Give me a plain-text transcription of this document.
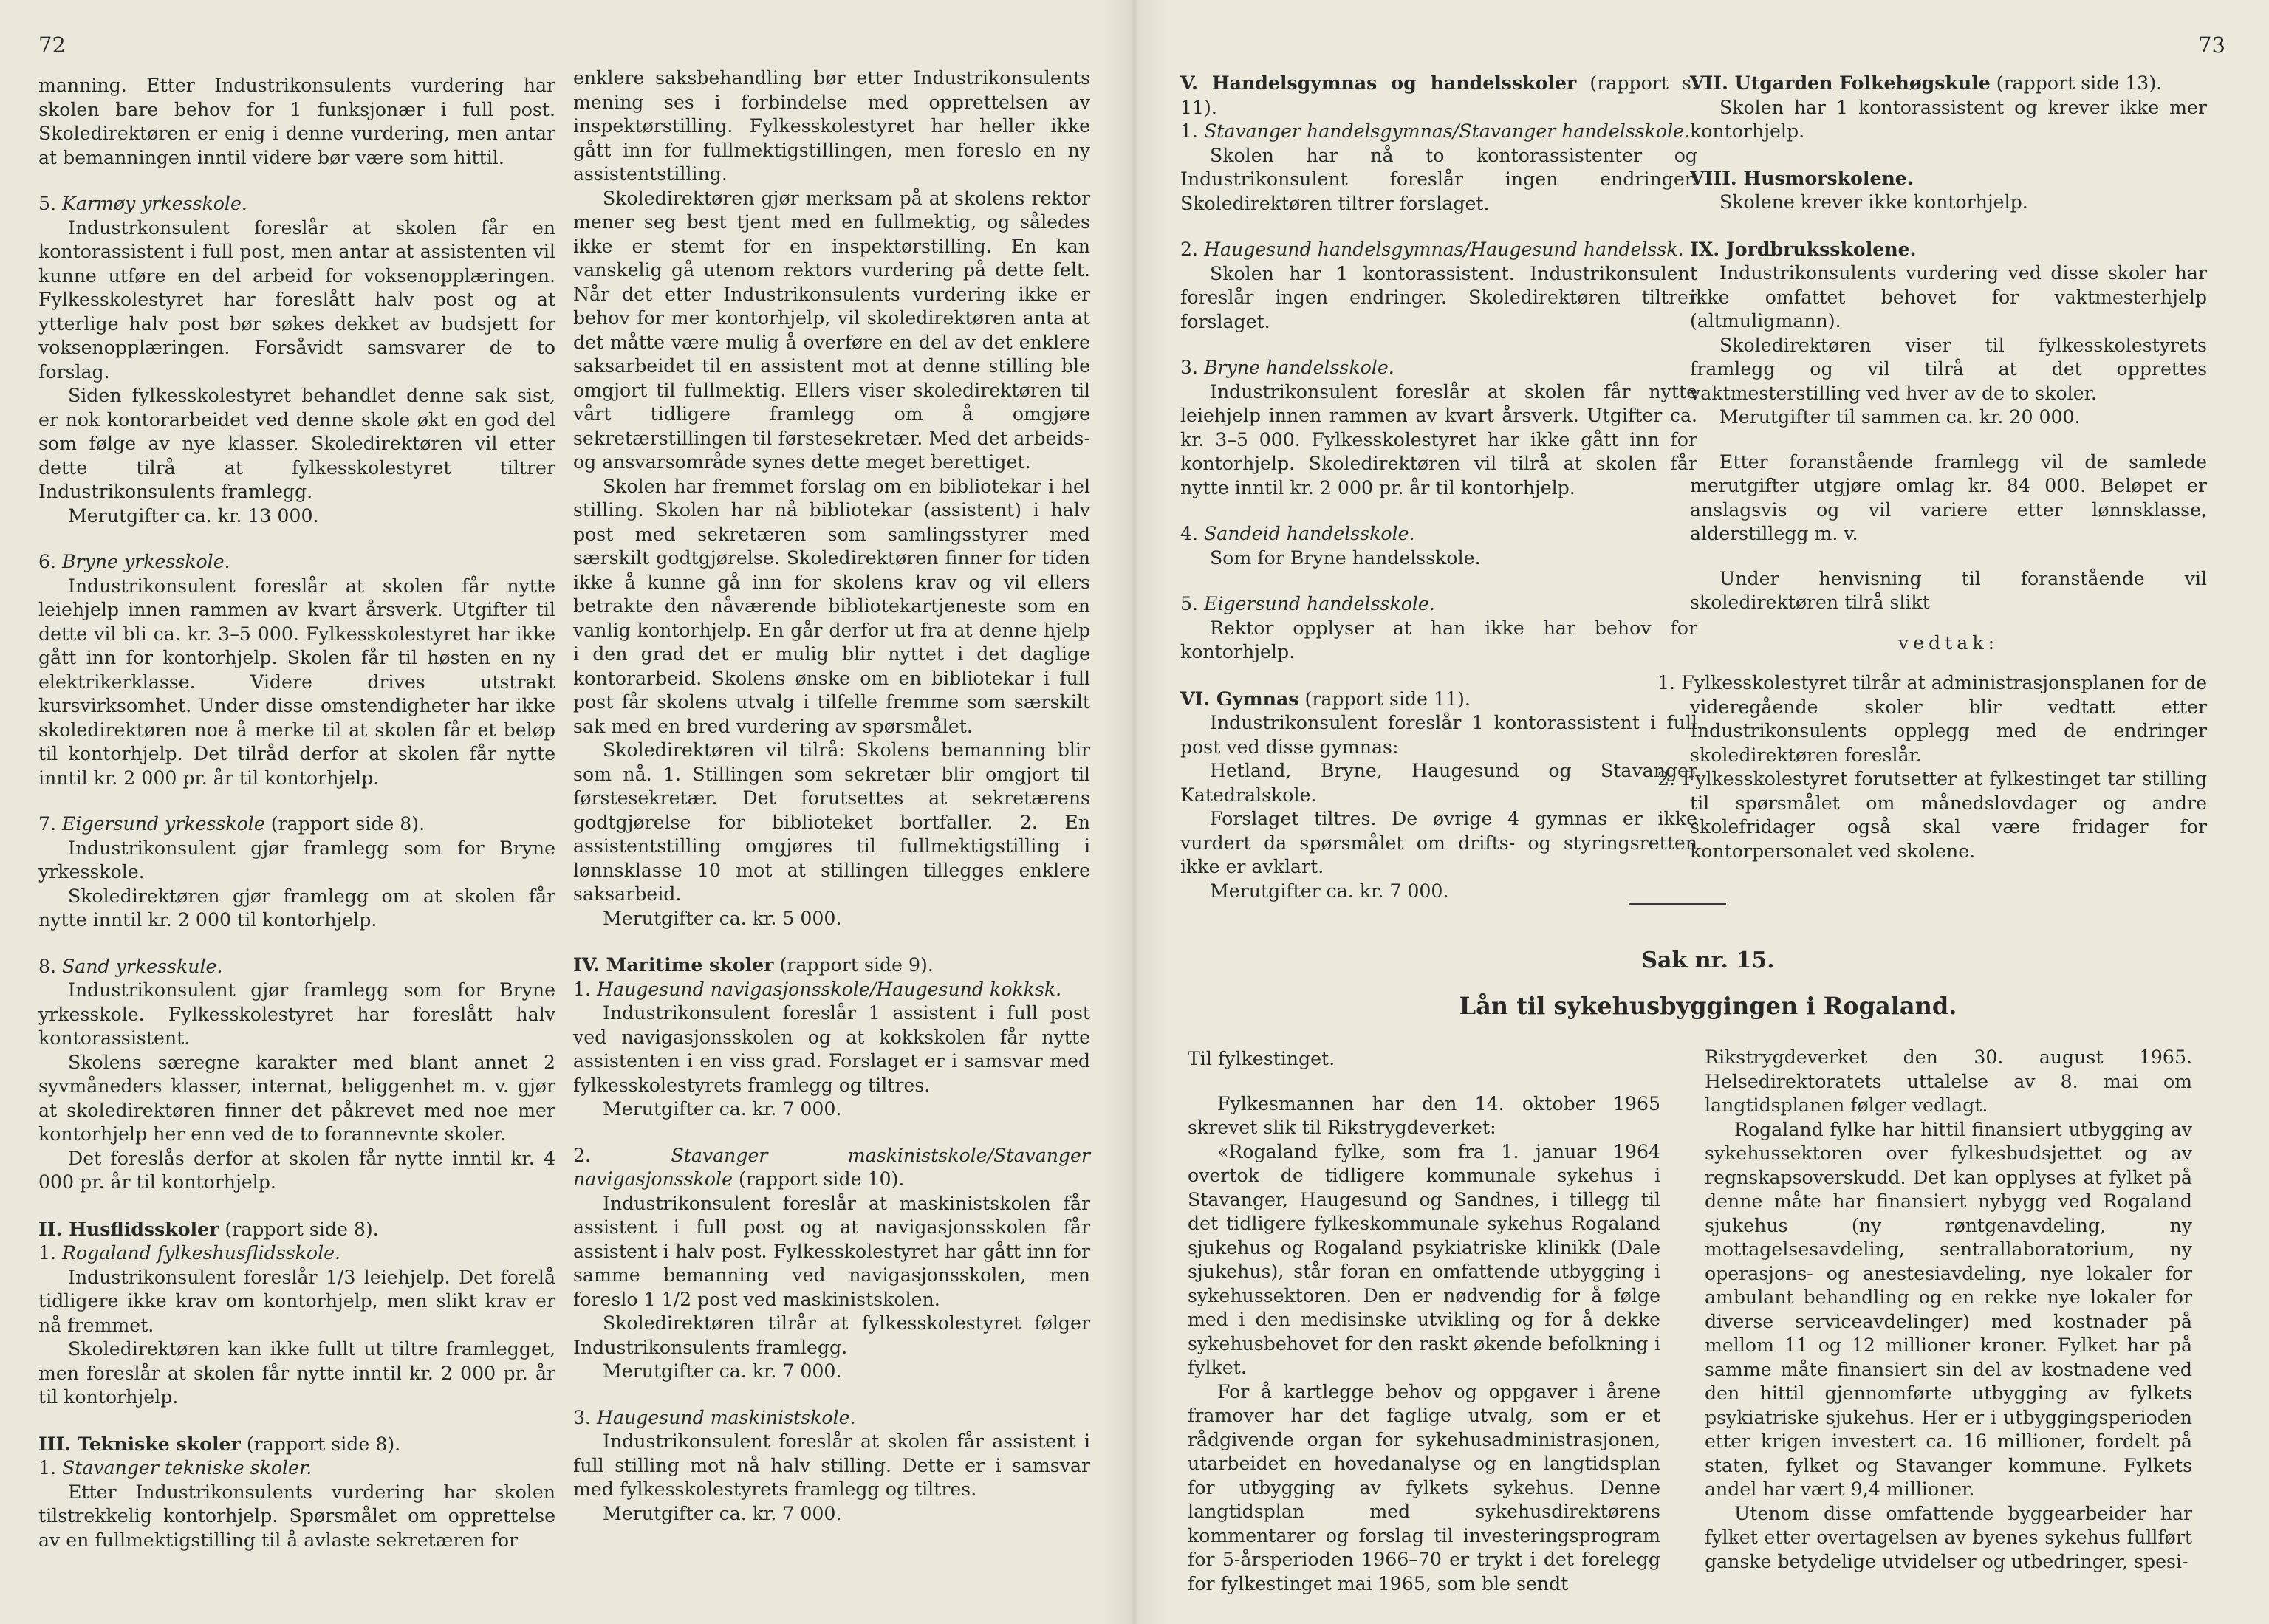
72

manning. Etter Industrikonsulents vurdering har skolen bare behov for 1 funksjonær i full post. Skoledirektøren er enig i denne vurdering, men antar at bemanningen inntil videre bør være som hittil.

5. Karmøy yrkesskole.

Industrkonsulent foreslår at skolen får en kontorassistent i full post, men antar at assistenten vil kunne utføre en del arbeid for voksenopplæringen. Fylkesskolestyret har foreslått halv post og at ytterlige halv post bør søkes dekket av budsjett for voksenopplæringen. Forsåvidt samsvarer de to forslag.

Siden fylkesskolestyret behandlet denne sak sist, er nok kontorarbeidet ved denne skole økt en god del som følge av nye klasser. Skoledirektøren vil etter dette tilrå at fylkesskolestyret tiltrer Industrikonsulents framlegg.

Merutgifter ca. kr. 13 000.

6. Bryne yrkesskole.

Industrikonsulent foreslår at skolen får nytte leiehjelp innen rammen av kvart årsverk. Utgifter til dette vil bli ca. kr. 3–5 000. Fylkesskolestyret har ikke gått inn for kontorhjelp. Skolen får til høsten en ny elektrikerklasse. Videre drives utstrakt kursvirksomhet. Under disse omstendigheter har ikke skoledirektøren noe å merke til at skolen får et beløp til kontorhjelp. Det tilråd derfor at skolen får nytte inntil kr. 2 000 pr. år til kontorhjelp.

7. Eigersund yrkesskole (rapport side 8).

Industrikonsulent gjør framlegg som for Bryne yrkesskole.

Skoledirektøren gjør framlegg om at skolen får nytte inntil kr. 2 000 til kontorhjelp.

8. Sand yrkesskule.

Industrikonsulent gjør framlegg som for Bryne yrkesskole. Fylkesskolestyret har foreslått halv kontorassistent.

Skolens særegne karakter med blant annet 2 syvmåneders klasser, internat, beliggenhet m. v. gjør at skoledirektøren finner det påkrevet med noe mer kontorhjelp her enn ved de to forannevnte skoler.

Det foreslås derfor at skolen får nytte inntil kr. 4 000 pr. år til kontorhjelp.

II. Husflidsskoler (rapport side 8).

1. Rogaland fylkeshusflidsskole.

Industrikonsulent foreslår 1/3 leiehjelp. Det forelå tidligere ikke krav om kontorhjelp, men slikt krav er nå fremmet.

Skoledirektøren kan ikke fullt ut tiltre framlegget, men foreslår at skolen får nytte inntil kr. 2 000 pr. år til kontorhjelp.

III. Tekniske skoler (rapport side 8).

1. Stavanger tekniske skoler.

Etter Industrikonsulents vurdering har skolen tilstrekkelig kontorhjelp. Spørsmålet om opprettelse av en fullmektigstilling til å avlaste sekretæren for

enklere saksbehandling bør etter Industrikonsulents mening ses i forbindelse med opprettelsen av inspektørstilling. Fylkesskolestyret har heller ikke gått inn for fullmektigstillingen, men foreslo en ny assistentstilling.

Skoledirektøren gjør merksam på at skolens rektor mener seg best tjent med en fullmektig, og således ikke er stemt for en inspektørstilling. En kan vanskelig gå utenom rektors vurdering på dette felt. Når det etter Industrikonsulents vurdering ikke er behov for mer kontorhjelp, vil skoledirektøren anta at det måtte være mulig å overføre en del av det enklere saksarbeidet til en assistent mot at denne stilling ble omgjort til fullmektig. Ellers viser skoledirektøren til vårt tidligere framlegg om å omgjøre sekretærstillingen til førstesekretær. Med det arbeids- og ansvarsområde synes dette meget berettiget.

Skolen har fremmet forslag om en bibliotekar i hel stilling. Skolen har nå bibliotekar (assistent) i halv post med sekretæren som samlingsstyrer med særskilt godtgjørelse. Skoledirektøren finner for tiden ikke å kunne gå inn for skolens krav og vil ellers betrakte den nåværende bibliotekartjeneste som en vanlig kontorhjelp. En går derfor ut fra at denne hjelp i den grad det er mulig blir nyttet i det daglige kontorarbeid. Skolens ønske om en bibliotekar i full post får skolens utvalg i tilfelle fremme som særskilt sak med en bred vurdering av spørsmålet.

Skoledirektøren vil tilrå: Skolens bemanning blir som nå. 1. Stillingen som sekretær blir omgjort til førstesekretær. Det forutsettes at sekretærens godtgjørelse for biblioteket bortfaller. 2. En assistentstilling omgjøres til fullmektigstilling i lønnsklasse 10 mot at stillingen tillegges enklere saksarbeid.

Merutgifter ca. kr. 5 000.

IV. Maritime skoler (rapport side 9).

1. Haugesund navigasjonsskole/Haugesund kokksk.

Industrikonsulent foreslår 1 assistent i full post ved navigasjonsskolen og at kokkskolen får nytte assistenten i en viss grad. Forslaget er i samsvar med fylkesskolestyrets framlegg og tiltres.

Merutgifter ca. kr. 7 000.

2. Stavanger maskinistskole/Stavanger navigasjonsskole (rapport side 10).

Industrikonsulent foreslår at maskinistskolen får assistent i full post og at navigasjonsskolen får assistent i halv post. Fylkesskolestyret har gått inn for samme bemanning ved navigasjonsskolen, men foreslo 1 1/2 post ved maskinistskolen.

Skoledirektøren tilrår at fylkesskolestyret følger Industrikonsulents framlegg.

Merutgifter ca. kr. 7 000.

3. Haugesund maskinistskole.

Industrikonsulent foreslår at skolen får assistent i full stilling mot nå halv stilling. Dette er i samsvar med fylkesskolestyrets framlegg og tiltres.

Merutgifter ca. kr. 7 000.

73

V. Handelsgymnas og handelsskoler (rapport s. 11).

1. Stavanger handelsgymnas/Stavanger handelsskole.

Skolen har nå to kontorassistenter og Industrikonsulent foreslår ingen endringer. Skoledirektøren tiltrer forslaget.

2. Haugesund handelsgymnas/Haugesund handelssk.

Skolen har 1 kontorassistent. Industrikonsulent foreslår ingen endringer. Skoledirektøren tiltrer forslaget.

3. Bryne handelsskole.

Industrikonsulent foreslår at skolen får nytte leiehjelp innen rammen av kvart årsverk. Utgifter ca. kr. 3–5 000. Fylkesskolestyret har ikke gått inn for kontorhjelp. Skoledirektøren vil tilrå at skolen får nytte inntil kr. 2 000 pr. år til kontorhjelp.

4. Sandeid handelsskole.

Som for Bryne handelsskole.

5. Eigersund handelsskole.

Rektor opplyser at han ikke har behov for kontorhjelp.

VI. Gymnas (rapport side 11).

Industrikonsulent foreslår 1 kontorassistent i full post ved disse gymnas:

Hetland, Bryne, Haugesund og Stavanger Katedralskole.

Forslaget tiltres. De øvrige 4 gymnas er ikke vurdert da spørsmålet om drifts- og styringsretten ikke er avklart.

Merutgifter ca. kr. 7 000.

VII. Utgarden Folkehøgskule (rapport side 13).

Skolen har 1 kontorassistent og krever ikke mer kontorhjelp.

VIII. Husmorskolene.

Skolene krever ikke kontorhjelp.

IX. Jordbruksskolene.

Industrikonsulents vurdering ved disse skoler har ikke omfattet behovet for vaktmesterhjelp (altmuligmann).

Skoledirektøren viser til fylkesskolestyrets framlegg og vil tilrå at det opprettes vaktmesterstilling ved hver av de to skoler.

Merutgifter til sammen ca. kr. 20 000.

Etter foranstående framlegg vil de samlede merutgifter utgjøre omlag kr. 84 000. Beløpet er anslagsvis og vil variere etter lønnsklasse, alderstillegg m. v.

Under henvisning til foranstående vil skoledirektøren tilrå slikt

vedtak:

1. Fylkesskolestyret tilrår at administrasjonsplanen for de videregående skoler blir vedtatt etter Industrikonsulents opplegg med de endringer skoledirektøren foreslår.

2. Fylkesskolestyret forutsetter at fylkestinget tar stilling til spørsmålet om månedslovdager og andre skolefridager også skal være fridager for kontorpersonalet ved skolene.

Til fylkestinget.

Fylkesmannen har den 14. oktober 1965 skrevet slik til Rikstrygdeverket:

«Rogaland fylke, som fra 1. januar 1964 overtok de tidligere kommunale sykehus i Stavanger, Haugesund og Sandnes, i tillegg til det tidligere fylkeskommunale sykehus Rogaland sjukehus og Rogaland psykiatriske klinikk (Dale sjukehus), står foran en omfattende utbygging i sykehussektoren. Den er nødvendig for å følge med i den medisinske utvikling og for å dekke sykehusbehovet for den raskt økende befolkning i fylket.

For å kartlegge behov og oppgaver i årene framover har det faglige utvalg, som er et rådgivende organ for sykehusadministrasjonen, utarbeidet en hovedanalyse og en langtidsplan for utbygging av fylkets sykehus. Denne langtidsplan med sykehusdirektørens kommentarer og forslag til investeringsprogram for 5-årsperioden 1966–70 er trykt i det forelegg for fylkestinget mai 1965, som ble sendt

Rikstrygdeverket den 30. august 1965. Helsedirektoratets uttalelse av 8. mai om langtidsplanen følger vedlagt.

Rogaland fylke har hittil finansiert utbygging av sykehussektoren over fylkesbudsjettet og av regnskapsoverskudd. Det kan opplyses at fylket på denne måte har finansiert nybygg ved Rogaland sjukehus (ny røntgenavdeling, ny mottagelsesavdeling, sentrallaboratorium, ny operasjons- og anestesiavdeling, nye lokaler for ambulant behandling og en rekke nye lokaler for diverse serviceavdelinger) med kostnader på mellom 11 og 12 millioner kroner. Fylket har på samme måte finansiert sin del av kostnadene ved den hittil gjennomførte utbygging av fylkets psykiatriske sjukehus. Her er i utbyggingsperioden etter krigen investert ca. 16 millioner, fordelt på staten, fylket og Stavanger kommune. Fylkets andel har vært 9,4 millioner.

Utenom disse omfattende byggearbeider har fylket etter overtagelsen av byenes sykehus fullført ganske betydelige utvidelser og utbedringer, spesi-

Sak nr. 15.
Lån til sykehusbyggingen i Rogaland.
